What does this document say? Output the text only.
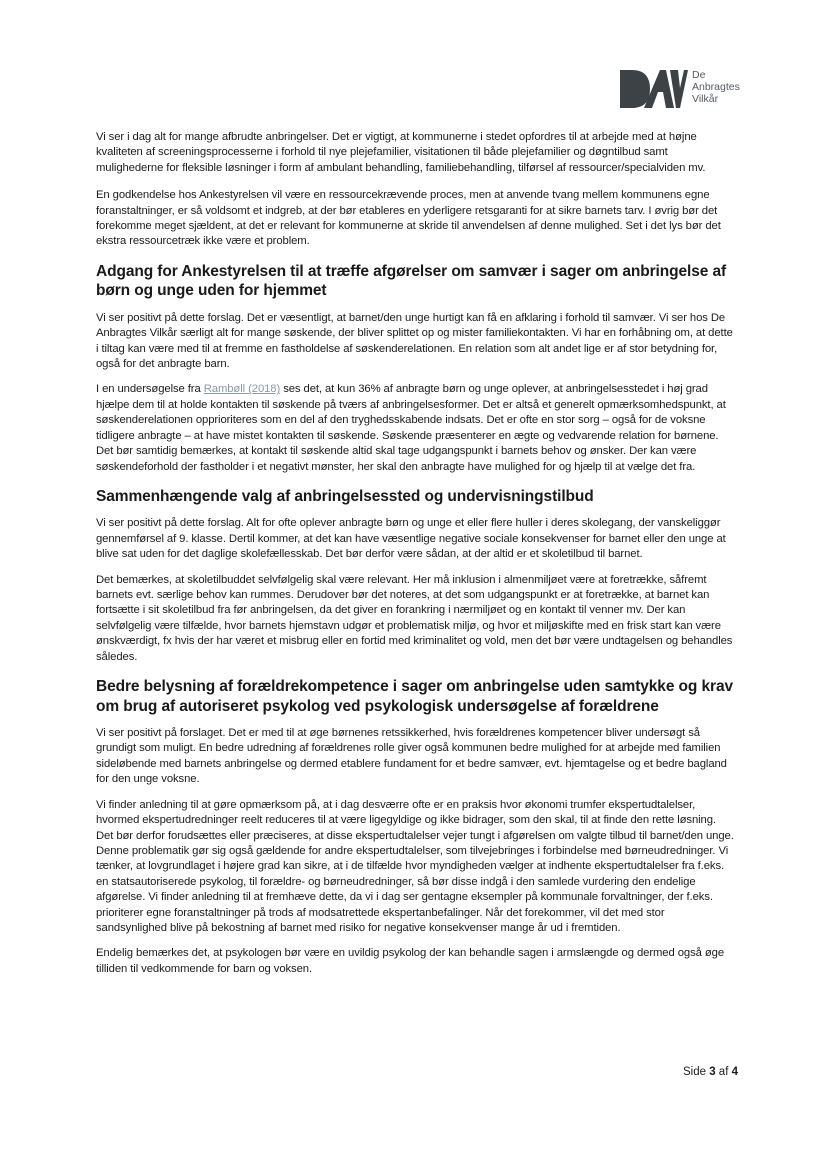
De
Anbragtes
Vilkår

Vi ser i dag alt for mange afbrudte anbringelser. Det er vigtigt, at kommunerne i stedet opfordres til at arbejde med at højne kvaliteten af screeningsprocesserne i forhold til nye plejefamilier, visitationen til både plejefamilier og døgntilbud samt mulighederne for fleksible løsninger i form af ambulant behandling, familiebehandling, tilførsel af ressourcer/specialviden mv.

En godkendelse hos Ankestyrelsen vil være en ressourcekrævende proces, men at anvende tvang mellem kommunens egne foranstaltninger, er så voldsomt et indgreb, at der bør etableres en yderligere retsgaranti for at sikre barnets tarv. I øvrig bør det forekomme meget sjældent, at det er relevant for kommunerne at skride til anvendelsen af denne mulighed. Set i det lys bør det ekstra ressourcetræk ikke være et problem.

Adgang for Ankestyrelsen til at træffe afgørelser om samvær i sager om anbringelse af børn og unge uden for hjemmet

Vi ser positivt på dette forslag. Det er væsentligt, at barnet/den unge hurtigt kan få en afklaring i forhold til samvær. Vi ser hos De Anbragtes Vilkår særligt alt for mange søskende, der bliver splittet op og mister familiekontakten. Vi har en forhåbning om, at dette i tiltag kan være med til at fremme en fastholdelse af søskenderelationen. En relation som alt andet lige er af stor betydning for, også for det anbragte barn.

I en undersøgelse fra Rambøll (2018) ses det, at kun 36% af anbragte børn og unge oplever, at anbringelsesstedet i høj grad hjælpe dem til at holde kontakten til søskende på tværs af anbringelsesformer. Det er altså et generelt opmærksomhedspunkt, at søskenderelationen opprioriteres som en del af den tryghedsskabende indsats. Det er ofte en stor sorg – også for de voksne tidligere anbragte – at have mistet kontakten til søskende. Søskende præsenterer en ægte og vedvarende relation for børnene. Det bør samtidig bemærkes, at kontakt til søskende altid skal tage udgangspunkt i barnets behov og ønsker. Der kan være søskendeforhold der fastholder i et negativt mønster, her skal den anbragte have mulighed for og hjælp til at vælge det fra.

Sammenhængende valg af anbringelsessted og undervisningstilbud

Vi ser positivt på dette forslag. Alt for ofte oplever anbragte børn og unge et eller flere huller i deres skolegang, der vanskeliggør gennemførsel af 9. klasse. Dertil kommer, at det kan have væsentlige negative sociale konsekvenser for barnet eller den unge at blive sat uden for det daglige skolefællesskab. Det bør derfor være sådan, at der altid er et skoletilbud til barnet.

Det bemærkes, at skoletilbuddet selvfølgelig skal være relevant. Her må inklusion i almenmiljøet være at foretrække, såfremt barnets evt. særlige behov kan rummes. Derudover bør det noteres, at det som udgangspunkt er at foretrække, at barnet kan fortsætte i sit skoletilbud fra før anbringelsen, da det giver en forankring i nærmiljøet og en kontakt til venner mv. Der kan selvfølgelig være tilfælde, hvor barnets hjemstavn udgør et problematisk miljø, og hvor et miljøskifte med en frisk start kan være ønskværdigt, fx hvis der har været et misbrug eller en fortid med kriminalitet og vold, men det bør være undtagelsen og behandles således.

Bedre belysning af forældrekompetence i sager om anbringelse uden samtykke og krav om brug af autoriseret psykolog ved psykologisk undersøgelse af forældrene

Vi ser positivt på forslaget. Det er med til at øge børnenes retssikkerhed, hvis forældrenes kompetencer bliver undersøgt så grundigt som muligt. En bedre udredning af forældrenes rolle giver også kommunen bedre mulighed for at arbejde med familien sideløbende med barnets anbringelse og dermed etablere fundament for et bedre samvær, evt. hjemtagelse og et bedre bagland for den unge voksne.

Vi finder anledning til at gøre opmærksom på, at i dag desværre ofte er en praksis hvor økonomi trumfer ekspertudtalelser, hvormed ekspertudredninger reelt reduceres til at være ligegyldige og ikke bidrager, som den skal, til at finde den rette løsning. Det bør derfor forudsættes eller præciseres, at disse ekspertudtalelser vejer tungt i afgørelsen om valgte tilbud til barnet/den unge. Denne problematik gør sig også gældende for andre ekspertudtalelser, som tilvejebringes i forbindelse med børneudredninger. Vi tænker, at lovgrundlaget i højere grad kan sikre, at i de tilfælde hvor myndigheden vælger at indhente ekspertudtalelser fra f.eks. en statsautoriserede psykolog, til forældre- og børneudredninger, så bør disse indgå i den samlede vurdering den endelige afgørelse. Vi finder anledning til at fremhæve dette, da vi i dag ser gentagne eksempler på kommunale forvaltninger, der f.eks. prioriterer egne foranstaltninger på trods af modsatrettede ekspertanbefalinger. Når det forekommer, vil det med stor sandsynlighed blive på bekostning af barnet med risiko for negative konsekvenser mange år ud i fremtiden.

Endelig bemærkes det, at psykologen bør være en uvildig psykolog der kan behandle sagen i armslængde og dermed også øge tilliden til vedkommende for barn og voksen.

Side 3 af 4
